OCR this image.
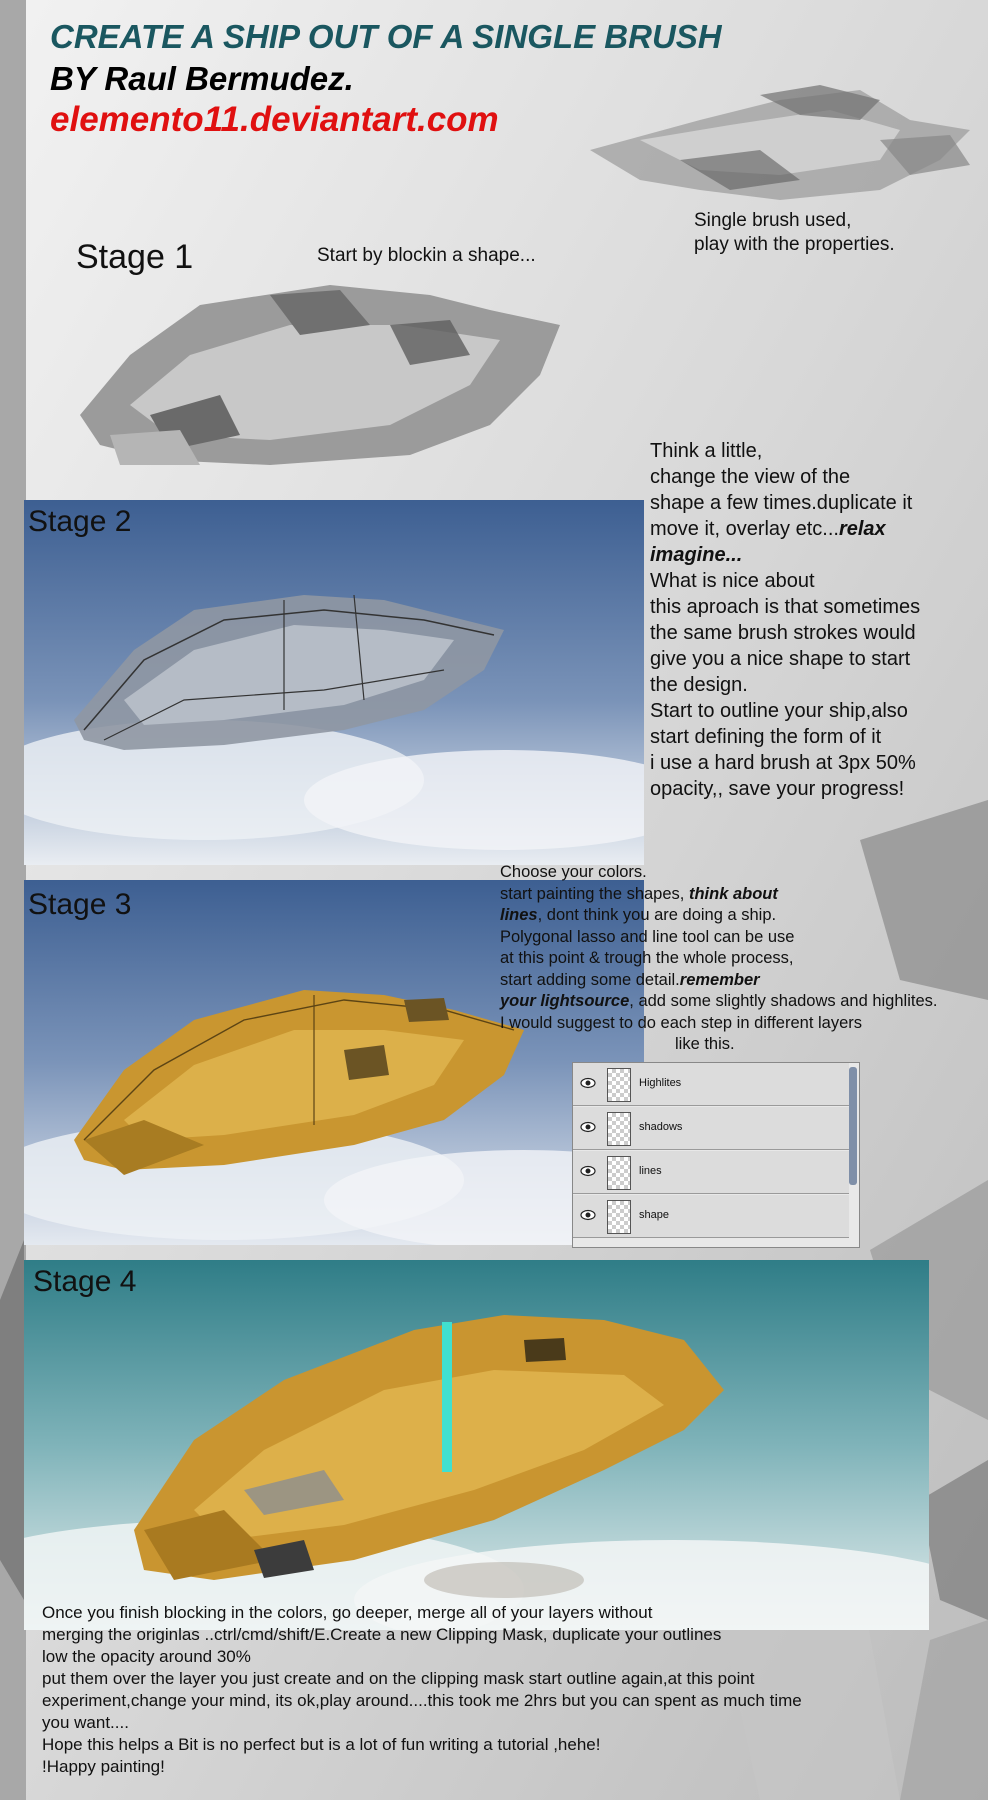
CREATE A SHIP OUT OF A SINGLE BRUSH
BY Raul Bermudez.
elemento11.deviantart.com
Single brush used,
play with the properties.
Stage 1	Start by blockin a shape...
Stage 2
Think a little,
change the view of the
shape a few times.duplicate it
move it, overlay etc...relax
imagine...
What is nice about
this aproach is that sometimes
the same brush strokes would
give you a nice shape to start
the design.
Start to outline your ship,also
start defining the form of it
i use a hard brush at 3px 50%
opacity,, save your progress!
Stage 3
Choose your colors.
start painting the shapes, think about
lines, dont think you are doing a ship.
Polygonal lasso and line tool can be use
at this point & trough the whole process,
start adding some detail.remember
your lightsource, add some slightly shadows and highlites.
I would suggest to do each step in different layers
like this.
Highlites
shadows
lines
shape
Stage 4
Once you finish blocking in the colors, go deeper, merge all of your layers without
merging the originlas ..ctrl/cmd/shift/E.Create a new Clipping Mask, duplicate your outlines
low the opacity around 30%
put them over the layer you just create and on the clipping mask start outline again,at this point
experiment,change your mind, its ok,play around....this took me 2hrs but you can spent as much time
you want....
Hope this helps a Bit is no perfect but is a lot of fun writing a tutorial ,hehe!
!Happy painting!
